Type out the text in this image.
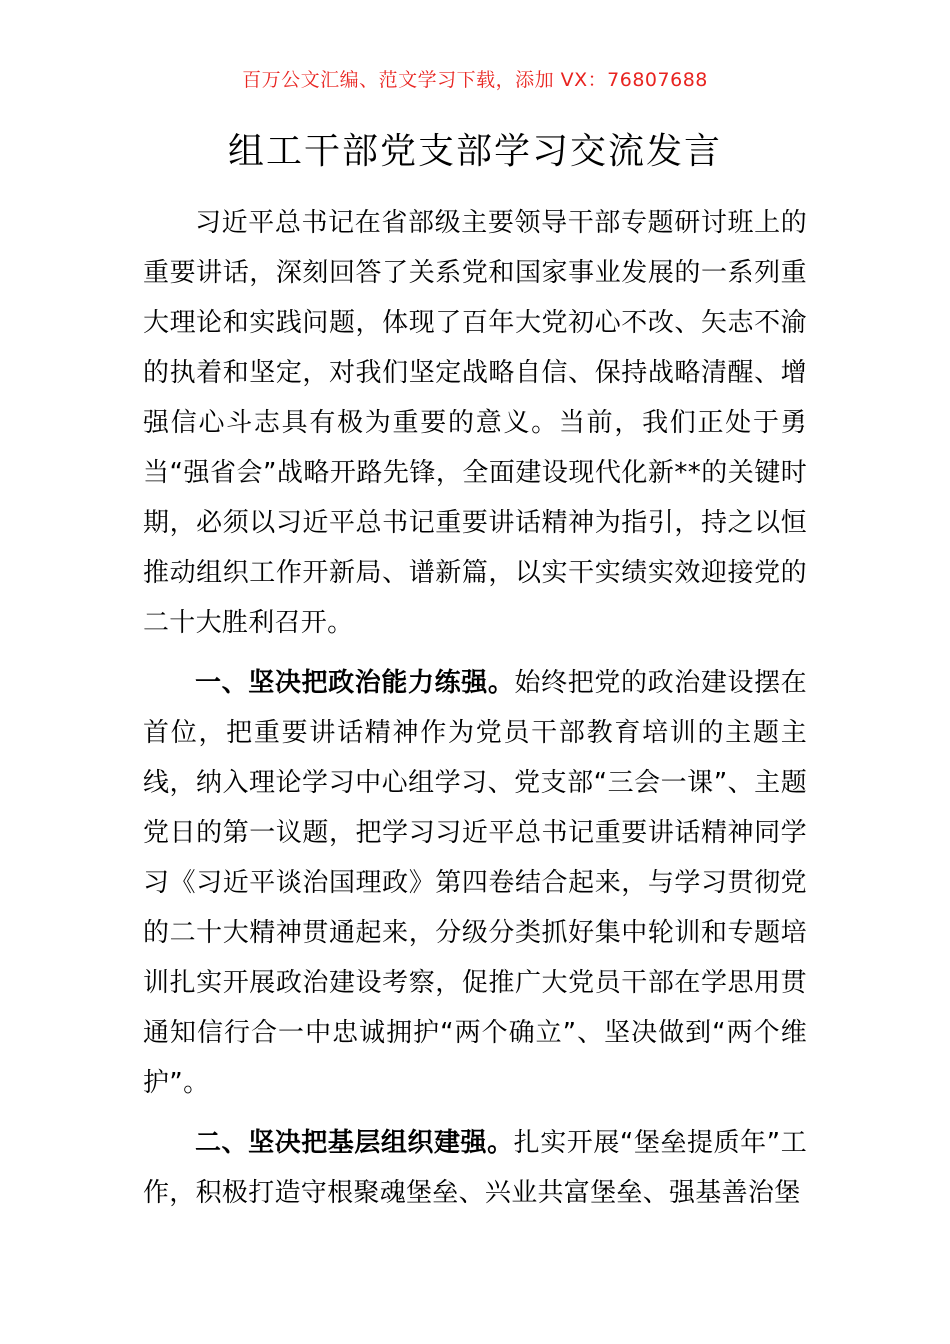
百万公文汇编、范文学习下载，添加 VX：76807688
组工干部党支部学习交流发言

习近平总书记在省部级主要领导干部专题研讨班上的重要讲话，深刻回答了关系党和国家事业发展的一系列重大理论和实践问题，体现了百年大党初心不改、矢志不渝的执着和坚定，对我们坚定战略自信、保持战略清醒、增强信心斗志具有极为重要的意义。当前，我们正处于勇当“强省会”战略开路先锋，全面建设现代化新**的关键时期，必须以习近平总书记重要讲话精神为指引，持之以恒推动组织工作开新局、谱新篇，以实干实绩实效迎接党的二十大胜利召开。

一、坚决把政治能力练强。始终把党的政治建设摆在首位，把重要讲话精神作为党员干部教育培训的主题主线，纳入理论学习中心组学习、党支部“三会一课”、主题党日的第一议题，把学习习近平总书记重要讲话精神同学习《习近平谈治国理政》第四卷结合起来，与学习贯彻党的二十大精神贯通起来，分级分类抓好集中轮训和专题培训扎实开展政治建设考察，促推广大党员干部在学思用贯通知信行合一中忠诚拥护“两个确立”、坚决做到“两个维护”。

二、坚决把基层组织建强。扎实开展“堡垒提质年”工作，积极打造守根聚魂堡垒、兴业共富堡垒、强基善治堡
